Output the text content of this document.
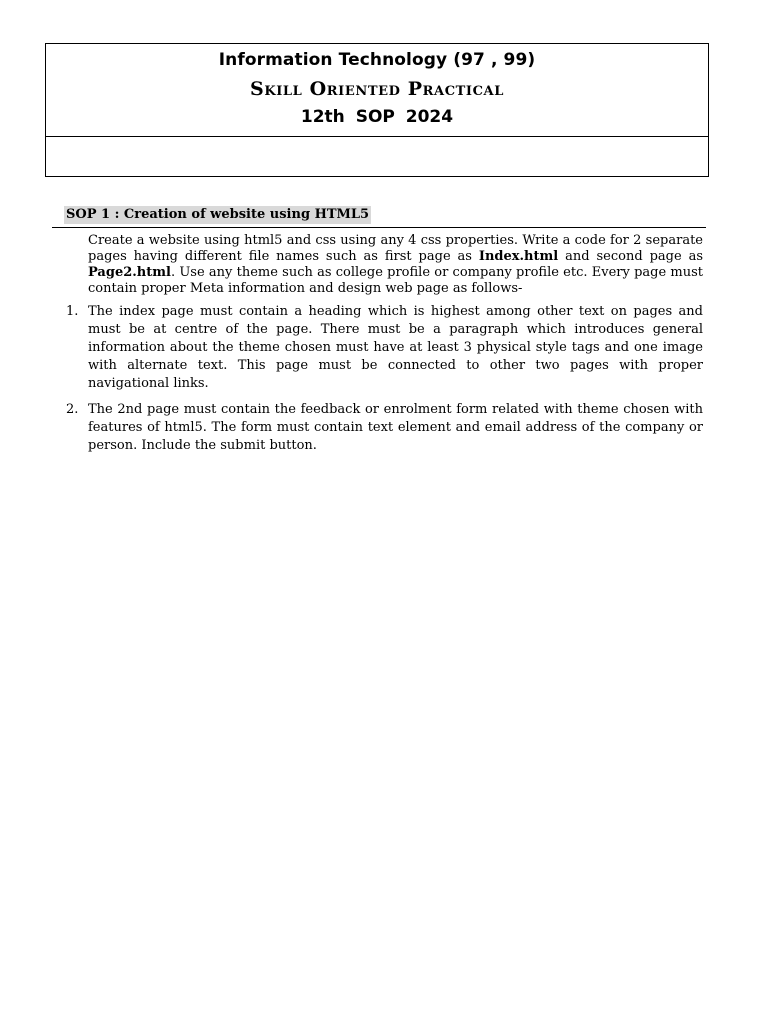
Information Technology (97 , 99)
Skill Oriented Practical
12th SOP 2024
SOP 1 : Creation of website using HTML5

Create a website using html5 and css using any 4 css properties. Write a code for 2 separate pages having different file names such as first page as Index.html and second page as Page2.html. Use any theme such as college profile or company profile etc. Every page must contain proper Meta information and design web page as follows-

1. The index page must contain a heading which is highest among other text on pages and must be at centre of the page. There must be a paragraph which introduces general information about the theme chosen must have at least 3 physical style tags and one image with alternate text. This page must be connected to other two pages with proper navigational links.
2. The 2nd page must contain the feedback or enrolment form related with theme chosen with features of html5. The form must contain text element and email address of the company or person. Include the submit button.
